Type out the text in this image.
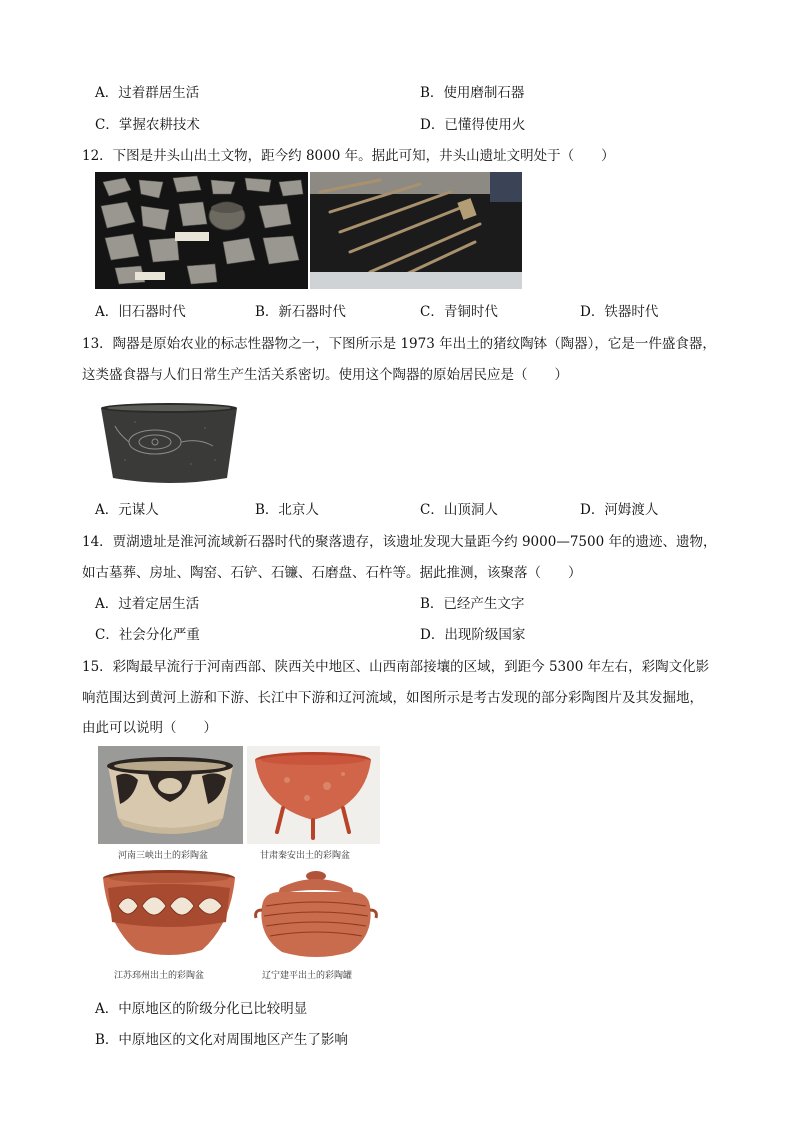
A．过着群居生活	B．使用磨制石器
C．掌握农耕技术	D．已懂得使用火
12．下图是井头山出土文物，距今约 8000 年。据此可知，井头山遗址文明处于（　　）
A．旧石器时代	B．新石器时代	C．青铜时代	D．铁器时代
13．陶器是原始农业的标志性器物之一，下图所示是 1973 年出土的猪纹陶钵（陶器），它是一件盛食器，
这类盛食器与人们日常生产生活关系密切。使用这个陶器的原始居民应是（　　）
A．元谋人	B．北京人	C．山顶洞人	D．河姆渡人
14．贾湖遗址是淮河流域新石器时代的聚落遗存，该遗址发现大量距今约 9000—7500 年的遗迹、遗物，
如古墓葬、房址、陶窑、石铲、石镰、石磨盘、石杵等。据此推测，该聚落（　　）
A．过着定居生活	B．已经产生文字
C．社会分化严重	D．出现阶级国家
15．彩陶最早流行于河南西部、陕西关中地区、山西南部接壤的区域，到距今 5300 年左右，彩陶文化影
响范围达到黄河上游和下游、长江中下游和辽河流域，如图所示是考古发现的部分彩陶图片及其发掘地，
由此可以说明（　　）
河南三峡出土的彩陶盆	甘肃秦安出土的彩陶盆
江苏邳州出土的彩陶盆	辽宁建平出土的彩陶罐
A．中原地区的阶级分化已比较明显
B．中原地区的文化对周围地区产生了影响
